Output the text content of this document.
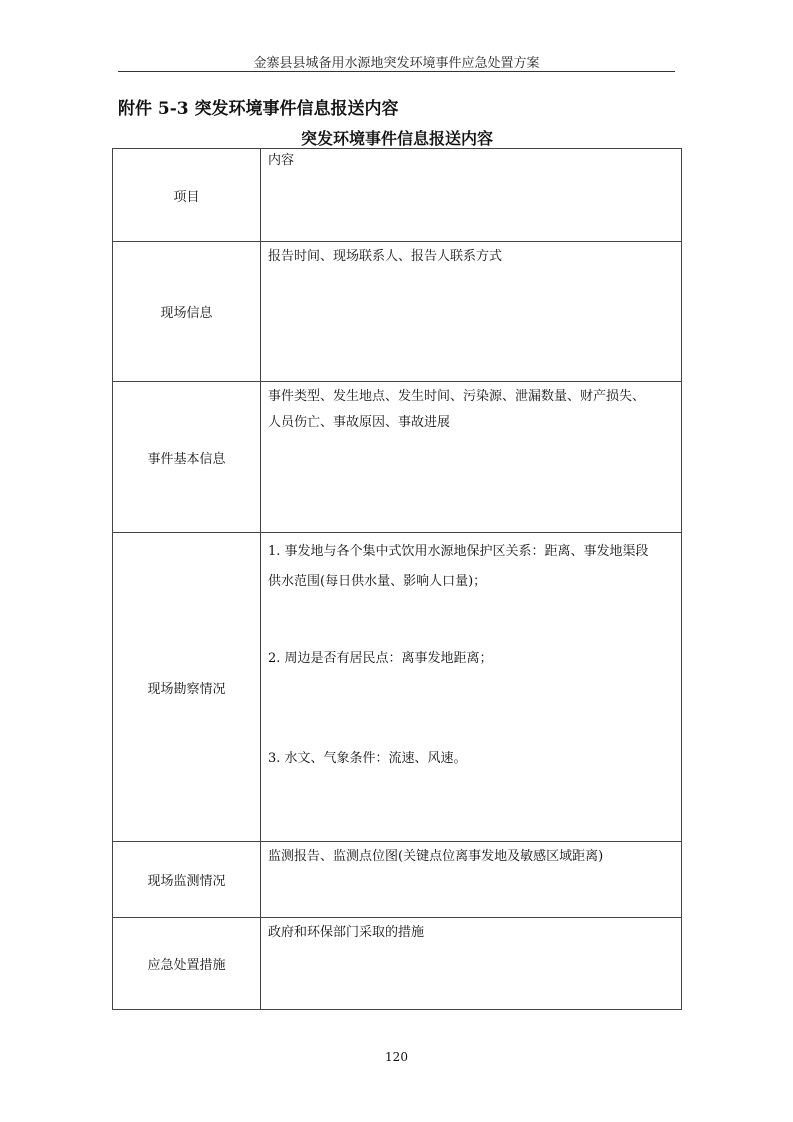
金寨县县城备用水源地突发环境事件应急处置方案
附件 5-3 突发环境事件信息报送内容
突发环境事件信息报送内容
项目	内容

现场信息	报告时间、现场联系人、报告人联系方式

事件基本信息	事件类型、发生地点、发生时间、污染源、泄漏数量、财产损失、
人员伤亡、事故原因、事故进展

现场勘察情况	1. 事发地与各个集中式饮用水源地保护区关系：距离、事发地渠段
供水范围(每日供水量、影响人口量)；
2. 周边是否有居民点：离事发地距离；
3. 水文、气象条件：流速、风速。

现场监测情况	监测报告、监测点位图(关键点位离事发地及敏感区域距离)

应急处置措施	政府和环保部门采取的措施
120
